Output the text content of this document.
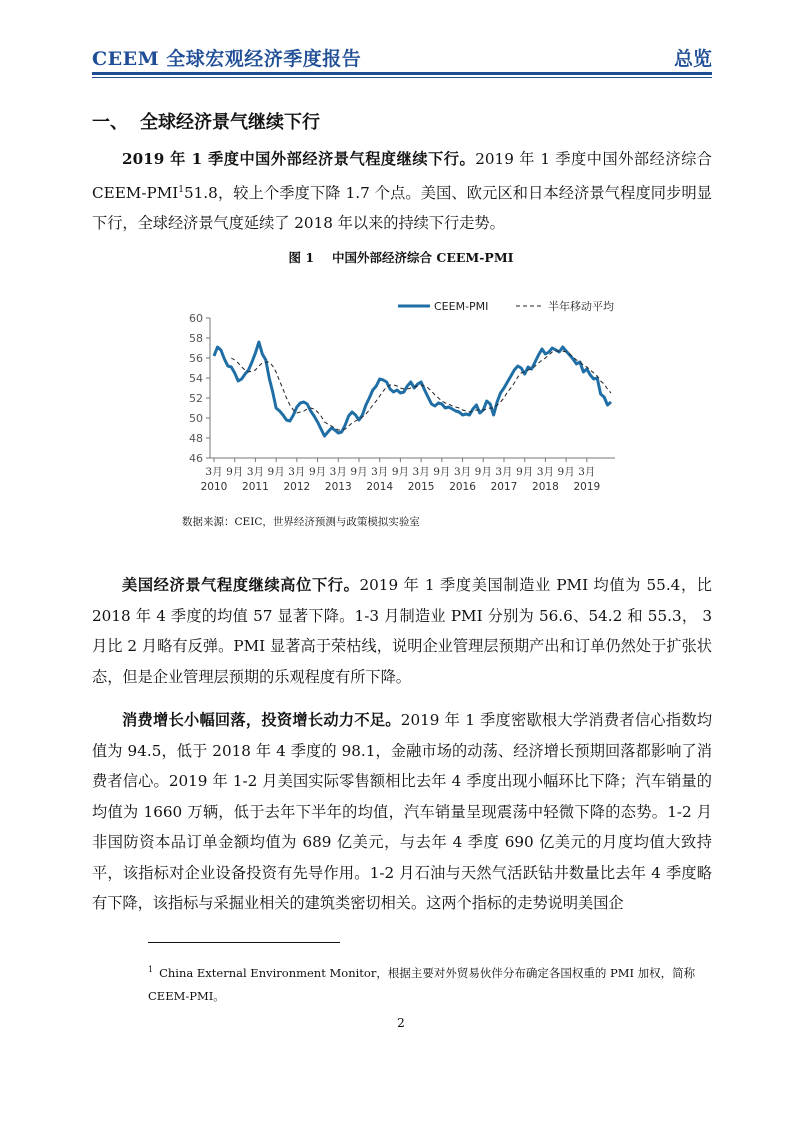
CEEM 全球宏观经济季度报告	总览
一、 全球经济景气继续下行

2019 年 1 季度中国外部经济景气程度继续下行。2019 年 1 季度中国外部经济综合 CEEM-PMI$^1$51.8，较上个季度下降 1.7 个点。美国、欧元区和日本经济景气程度同步明显下行，全球经济景气度延续了 2018 年以来的持续下行走势。

图 1 中国外部经济综合 CEEM-PMI
46
48
50
52
54
56
58
60
3月 9月 3月 9月 3月 9月 3月 9月 3月 9月 3月 9月 3月 9月 3月 9月 3月 9月 3月
2010 2011 2012 2013 2014 2015 2016 2017 2018 2019
CEEM-PMI	半年移动平均
数据来源：CEIC，世界经济预测与政策模拟实验室

美国经济景气程度继续高位下行。2019 年 1 季度美国制造业 PMI 均值为 55.4，比 2018 年 4 季度的均值 57 显著下降。1-3 月制造业 PMI 分别为 56.6、54.2 和 55.3， 3 月比 2 月略有反弹。PMI 显著高于荣枯线，说明企业管理层预期产出和订单仍然处于扩张状态，但是企业管理层预期的乐观程度有所下降。

消费增长小幅回落，投资增长动力不足。2019 年 1 季度密歇根大学消费者信心指数均值为 94.5，低于 2018 年 4 季度的 98.1，金融市场的动荡、经济增长预期回落都影响了消费者信心。2019 年 1-2 月美国实际零售额相比去年 4 季度出现小幅环比下降；汽车销量的均值为 1660 万辆，低于去年下半年的均值，汽车销量呈现震荡中轻微下降的态势。1-2 月非国防资本品订单金额均值为 689 亿美元，与去年 4 季度 690 亿美元的月度均值大致持平，该指标对企业设备投资有先导作用。1-2 月石油与天然气活跃钻井数量比去年 4 季度略有下降，该指标与采掘业相关的建筑类密切相关。这两个指标的走势说明美国企

$^1$ China External Environment Monitor，根据主要对外贸易伙伴分布确定各国权重的 PMI 加权，简称 CEEM-PMI。

2
